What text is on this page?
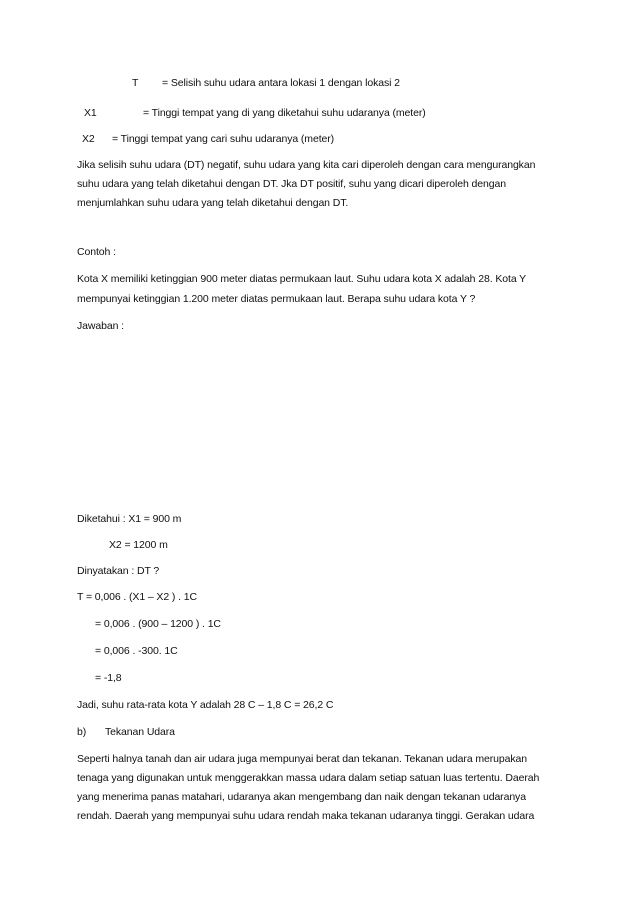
T = Selisih suhu udara antara lokasi 1 dengan lokasi 2
X1	= Tinggi tempat yang di yang diketahui suhu udaranya (meter)
X2 = Tinggi tempat yang cari suhu udaranya (meter)
Jika selisih suhu udara (DT) negatif, suhu udara yang kita cari diperoleh dengan cara mengurangkan
suhu udara yang telah diketahui dengan DT. Jka DT positif, suhu yang dicari diperoleh dengan
menjumlahkan suhu udara yang telah diketahui dengan DT.
Contoh :
Kota X memiliki ketinggian 900 meter diatas permukaan laut. Suhu udara kota X adalah 28. Kota Y
mempunyai ketinggian 1.200 meter diatas permukaan laut. Berapa suhu udara kota Y ?
Jawaban :
Diketahui : X1 = 900 m
X2 = 1200 m
Dinyatakan : DT ?
T = 0,006 . (X1 – X2 ) . 1C
= 0,006 . (900 – 1200 ) . 1C
= 0,006 . -300. 1C
= -1,8
Jadi, suhu rata-rata kota Y adalah 28 C – 1,8 C = 26,2 C
b) Tekanan Udara
Seperti halnya tanah dan air udara juga mempunyai berat dan tekanan. Tekanan udara merupakan
tenaga yang digunakan untuk menggerakkan massa udara dalam setiap satuan luas tertentu. Daerah
yang menerima panas matahari, udaranya akan mengembang dan naik dengan tekanan udaranya
rendah. Daerah yang mempunyai suhu udara rendah maka tekanan udaranya tinggi. Gerakan udara
